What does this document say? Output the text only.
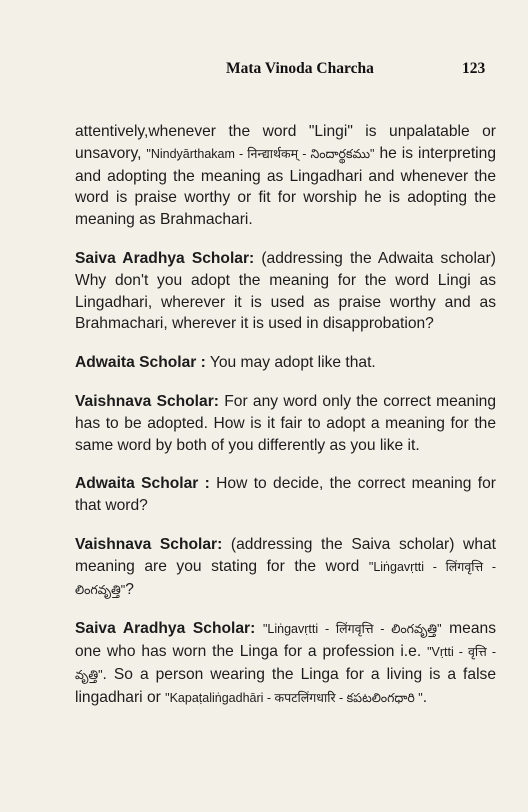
Mata Vinoda Charcha	123

attentively,whenever the word "Lingi" is unpalatable or unsavory, "Nindyārthakam - निन्द्यार्थकम् - నిందార్థకము" he is interpreting and adopting the meaning as Lingadhari and whenever the word is praise worthy or fit for worship he is adopting the meaning as Brahmachari.

Saiva Aradhya Scholar: (addressing the Adwaita scholar) Why don't you adopt the meaning for the word Lingi as Lingadhari, wherever it is used as praise worthy and as Brahmachari, wherever it is used in disapprobation?

Adwaita Scholar : You may adopt like that.

Vaishnava Scholar: For any word only the correct meaning has to be adopted. How is it fair to adopt a meaning for the same word by both of you differently as you like it.

Adwaita Scholar : How to decide, the correct meaning for that word?

Vaishnava Scholar: (addressing the Saiva scholar) what meaning are you stating for the word "Liṅgavṛtti - लिंगवृत्ति - లింగవృత్తి"?

Saiva Aradhya Scholar: "Liṅgavṛtti - लिंगवृत्ति - లింగవృత్తి" means one who has worn the Linga for a profession i.e. "Vṛtti - वृत्ति - వృత్తి". So a person wearing the Linga for a living is a false lingadhari or "Kapaṭaliṅgadhāri - कपटलिंगधारि - కపటలింగధారి ".
